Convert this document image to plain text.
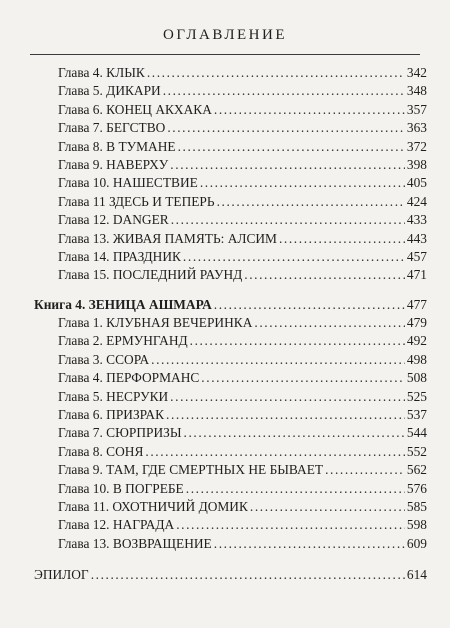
ОГЛАВЛЕНИЕ
Глава 4. КЛЫК .....	342
Глава 5. ДИКАРИ .....	348
Глава 6. КОНЕЦ АКХАКА .....	357
Глава 7. БЕГСТВО .....	363
Глава 8. В ТУМАНЕ .....	372
Глава 9. НАВЕРХУ .....	398
Глава 10. НАШЕСТВИЕ .....	405
Глава 11 ЗДЕСЬ И ТЕПЕРЬ .....	424
Глава 12. DANGER .....	433
Глава 13. ЖИВАЯ ПАМЯТЬ: АЛСИМ .....	443
Глава 14. ПРАЗДНИК .....	457
Глава 15. ПОСЛЕДНИЙ РАУНД .....	471
Книга 4. ЗЕНИЦА АШМАРА .....	477
Глава 1. КЛУБНАЯ ВЕЧЕРИНКА .....	479
Глава 2. ЕРМУНГАНД .....	492
Глава 3. ССОРА .....	498
Глава 4. ПЕРФОРМАНС .....	508
Глава 5. НЕСРУКИ .....	525
Глава 6. ПРИЗРАК .....	537
Глава 7. СЮРПРИЗЫ .....	544
Глава 8. СОНЯ .....	552
Глава 9. ТАМ, ГДЕ СМЕРТНЫХ НЕ БЫВАЕТ .....	562
Глава 10. В ПОГРЕБЕ .....	576
Глава 11. ОХОТНИЧИЙ ДОМИК .....	585
Глава 12. НАГРАДА .....	598
Глава 13. ВОЗВРАЩЕНИЕ .....	609
ЭПИЛОГ .....	614
